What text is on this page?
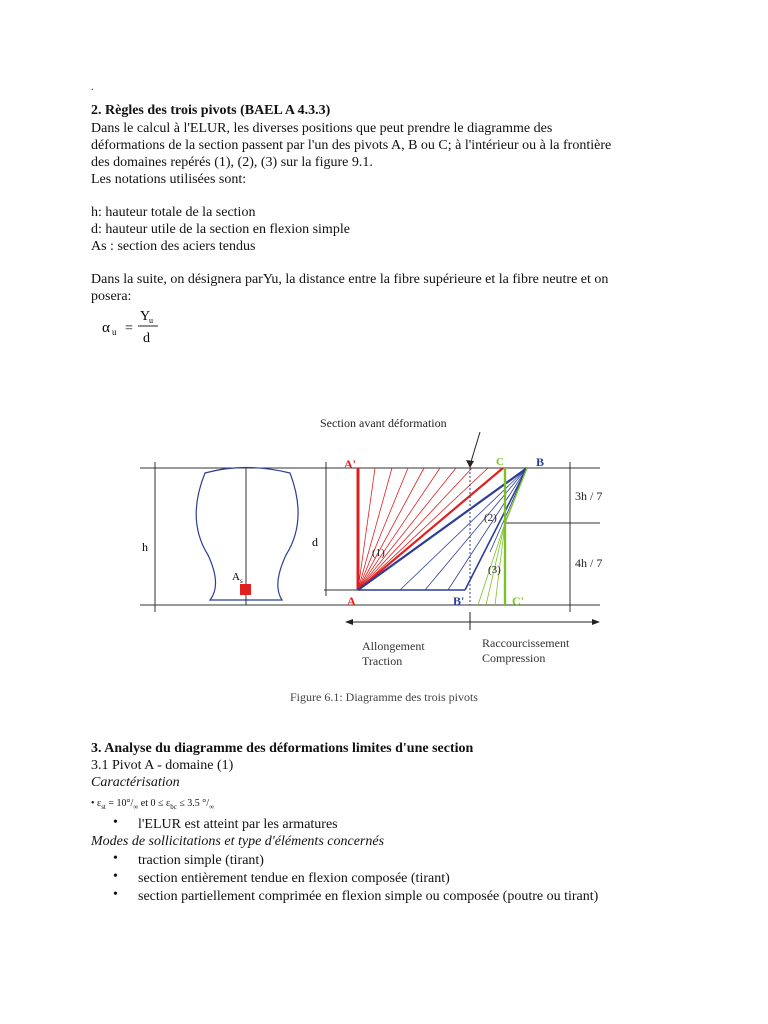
.
2. Règles des trois pivots (BAEL A 4.3.3)
Dans le calcul à l'ELUR, les diverses positions que peut prendre le diagramme des
déformations de la section passent par l'un des pivots A, B ou C; à l'intérieur ou à la frontière
des domaines repérés (1), (2), (3) sur la figure 9.1.
Les notations utilisées sont:
h: hauteur totale de la section
d: hauteur utile de la section en flexion simple
As : section des aciers tendus
Dans la suite, on désignera parYu, la distance entre la fibre supérieure et la fibre neutre et on
posera:
α u =
Y
u
d
h	d
A s
Section avant déformation
A'
A	B'
C
C'
B
3h / 7
4h / 7
(1)
(2)
(3)
Allongement
Traction
Raccourcissement
Compression
Figure 6.1: Diagramme des trois pivots
3. Analyse du diagramme des déformations limites d'une section
3.1 Pivot A - domaine (1)
Caractérisation
• $\varepsilon_{st} = 10^\circ/_\infty$ et $0 \le \varepsilon_{bc} \le 3.5$ $^\circ/_\infty$
• l'ELUR est atteint par les armatures
Modes de sollicitations et type d'éléments concernés
• traction simple (tirant)
• section entièrement tendue en flexion composée (tirant)
• section partiellement comprimée en flexion simple ou composée (poutre ou tirant)
